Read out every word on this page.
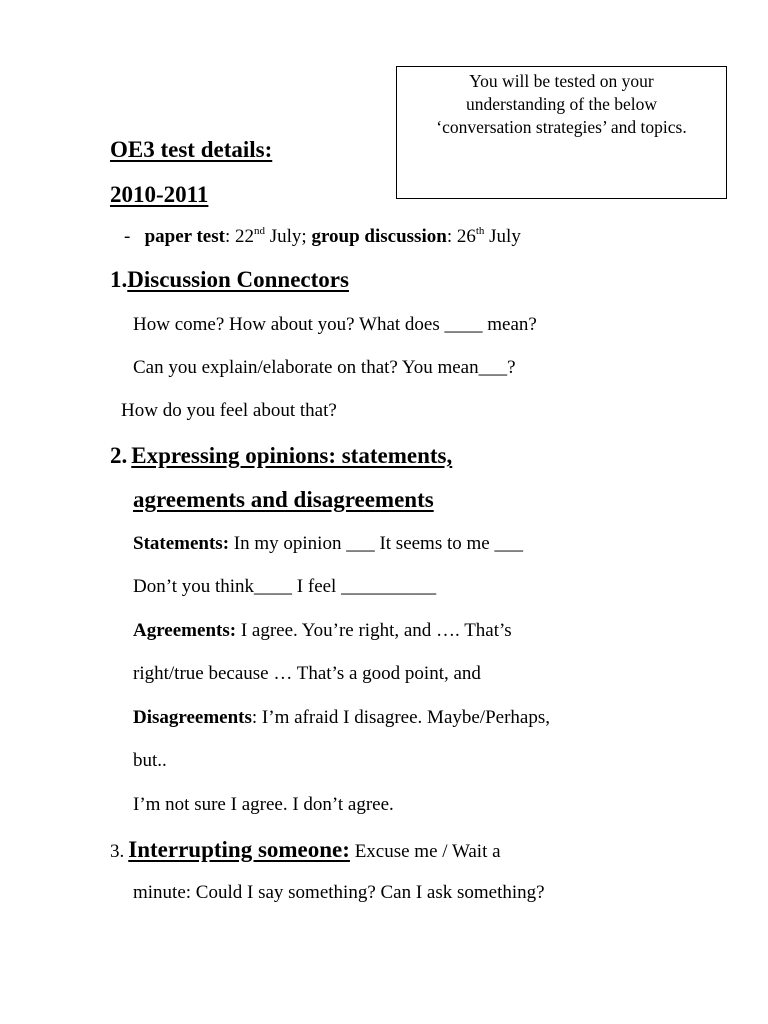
You will be tested on your
understanding of the below
‘conversation strategies’ and topics.
OE3 test details:
2010-2011
- paper test: 22nd July; group discussion: 26th July
1.Discussion Connectors
How come? How about you? What does ____ mean?
Can you explain/elaborate on that? You mean___?
How do you feel about that?
2. Expressing opinions: statements,
agreements and disagreements
Statements: In my opinion ___ It seems to me ___
Don’t you think____ I feel __________
Agreements: I agree. You’re right, and …. That’s
right/true because … That’s a good point, and
Disagreements: I’m afraid I disagree. Maybe/Perhaps,
but..
I’m not sure I agree. I don’t agree.
3. Interrupting someone: Excuse me / Wait a
minute: Could I say something? Can I ask something?
